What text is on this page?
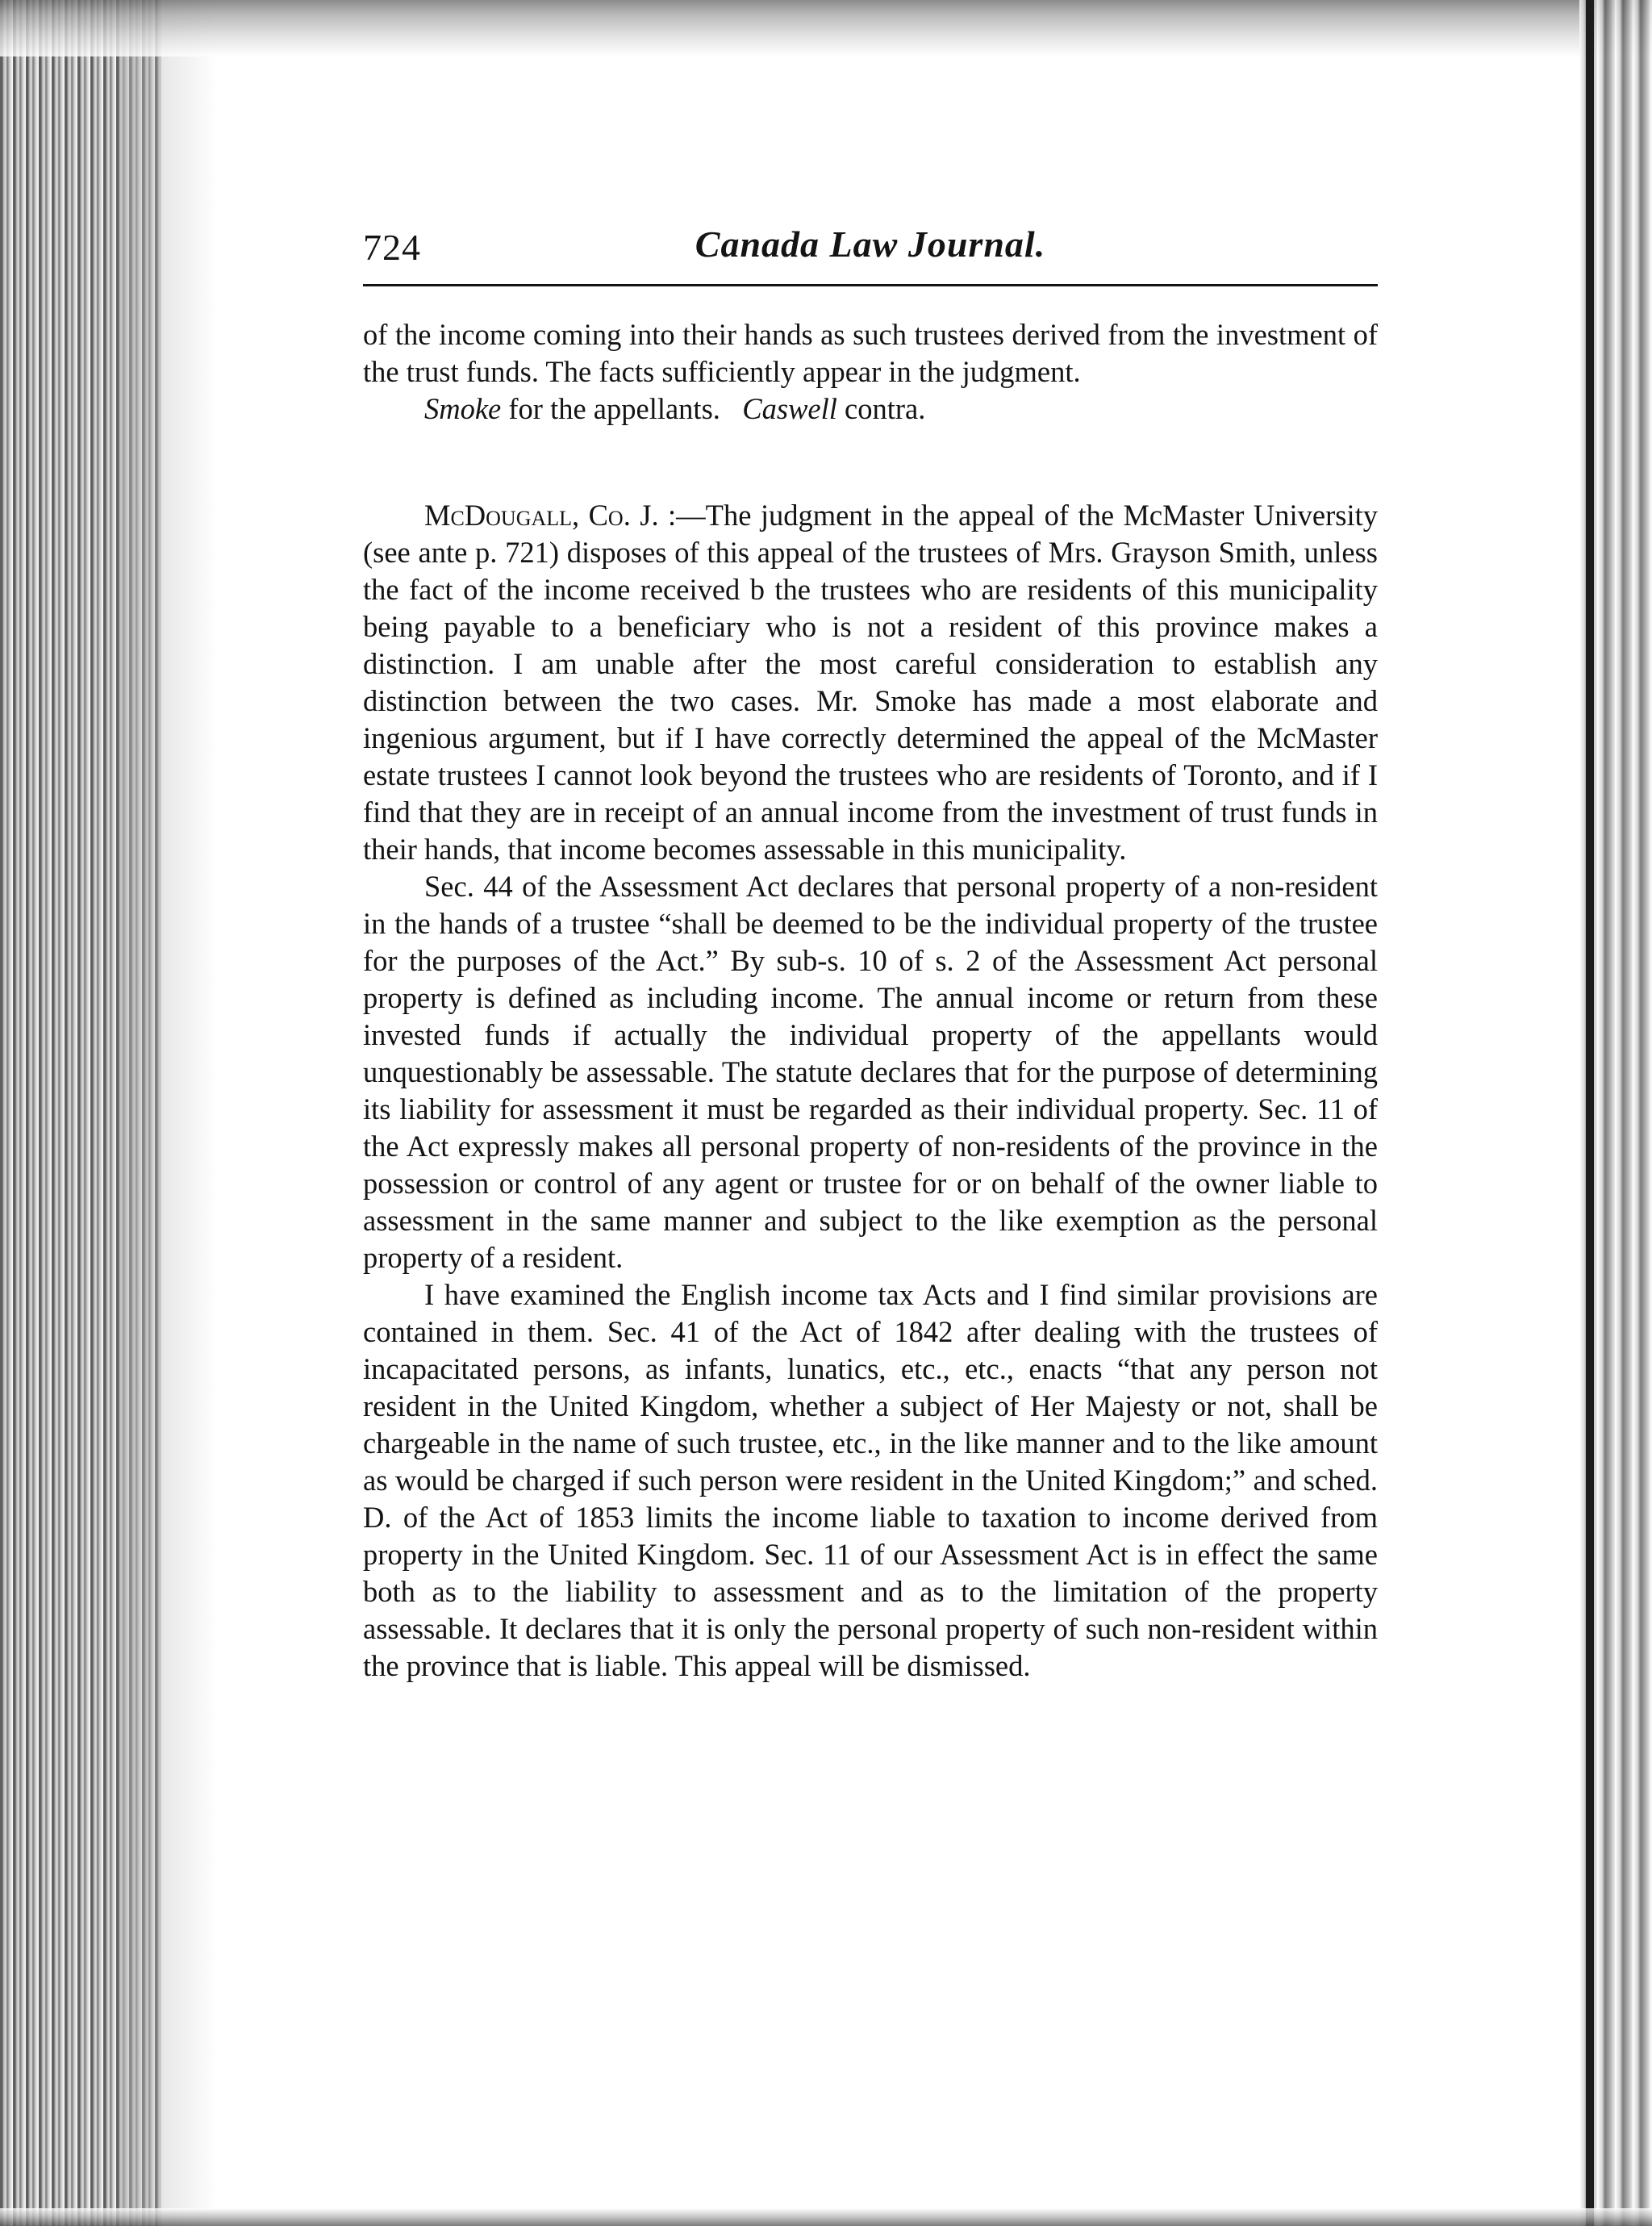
724	Canada Law Journal.

of the income coming into their hands as such trustees derived from the investment of the trust funds. The facts sufficiently appear in the judgment.

Smoke for the appellants. Caswell contra.

McDougall, Co. J. :—The judgment in the appeal of the McMaster University (see ante p. 721) disposes of this appeal of the trustees of Mrs. Grayson Smith, unless the fact of the income received b the trustees who are residents of this municipality being payable to a beneficiary who is not a resident of this province makes a distinction. I am unable after the most careful consideration to establish any distinction between the two cases. Mr. Smoke has made a most elaborate and ingenious argument, but if I have correctly determined the appeal of the McMaster estate trustees I cannot look beyond the trustees who are residents of Toronto, and if I find that they are in receipt of an annual income from the investment of trust funds in their hands, that income becomes assessable in this municipality.

Sec. 44 of the Assessment Act declares that personal property of a non-resident in the hands of a trustee “shall be deemed to be the individual property of the trustee for the purposes of the Act.” By sub-s. 10 of s. 2 of the Assessment Act personal property is defined as including income. The annual income or return from these invested funds if actually the individual property of the appellants would unquestionably be assessable. The statute declares that for the purpose of determining its liability for assessment it must be regarded as their individual property. Sec. 11 of the Act expressly makes all personal property of non-residents of the province in the possession or control of any agent or trustee for or on behalf of the owner liable to assessment in the same manner and subject to the like exemption as the personal property of a resident.

I have examined the English income tax Acts and I find similar provisions are contained in them. Sec. 41 of the Act of 1842 after dealing with the trustees of incapacitated persons, as infants, lunatics, etc., etc., enacts “that any person not resident in the United Kingdom, whether a subject of Her Majesty or not, shall be chargeable in the name of such trustee, etc., in the like manner and to the like amount as would be charged if such person were resident in the United Kingdom;” and sched. D. of the Act of 1853 limits the income liable to taxation to income derived from property in the United Kingdom. Sec. 11 of our Assessment Act is in effect the same both as to the liability to assessment and as to the limitation of the property assessable. It declares that it is only the personal property of such non-resident within the province that is liable. This appeal will be dismissed.
